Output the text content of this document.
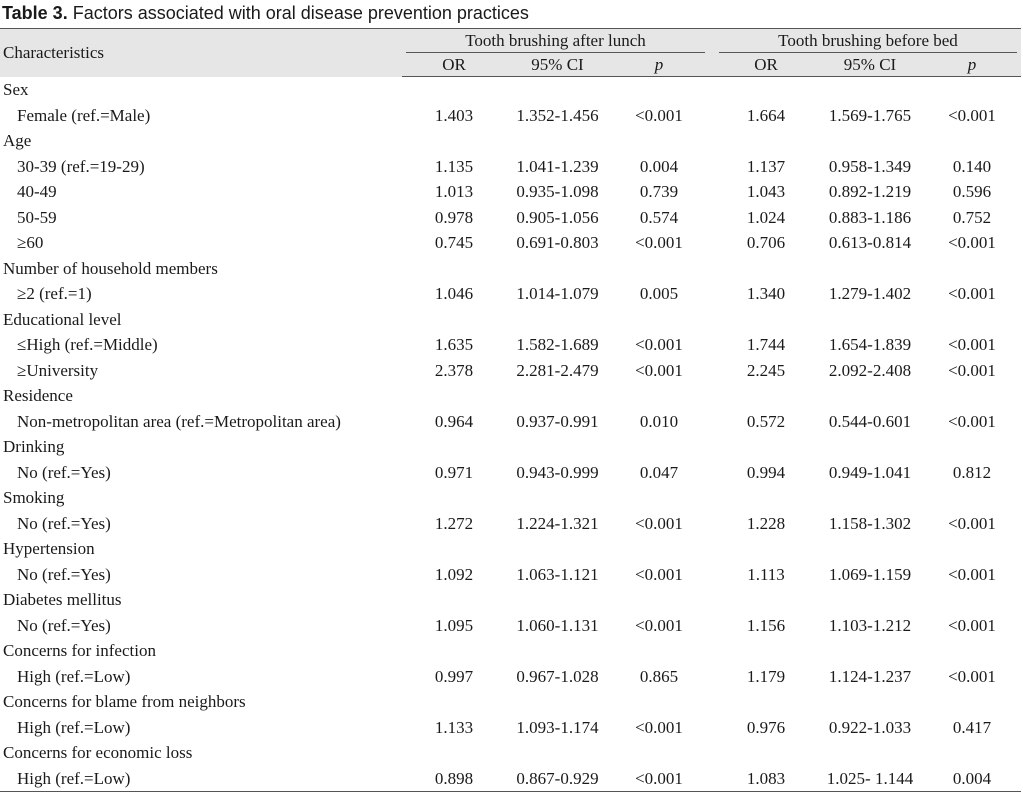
Table 3. Factors associated with oral disease prevention practices
Characteristics	Tooth brushing after lunch				Tooth brushing before bed		

	OR	95% CI	p		OR	95% CI	p
Sex							
Female (ref.=Male)	1.403	1.352-1.456	<0.001		1.664	1.569-1.765	<0.001
Age							
30-39 (ref.=19-29)	1.135	1.041-1.239	0.004		1.137	0.958-1.349	0.140
40-49	1.013	0.935-1.098	0.739		1.043	0.892-1.219	0.596
50-59	0.978	0.905-1.056	0.574		1.024	0.883-1.186	0.752
≥60	0.745	0.691-0.803	<0.001		0.706	0.613-0.814	<0.001
Number of household members							
≥2 (ref.=1)	1.046	1.014-1.079	0.005		1.340	1.279-1.402	<0.001
Educational level							
≤High (ref.=Middle)	1.635	1.582-1.689	<0.001		1.744	1.654-1.839	<0.001
≥University	2.378	2.281-2.479	<0.001		2.245	2.092-2.408	<0.001
Residence							
Non-metropolitan area (ref.=Metropolitan area)	0.964	0.937-0.991	0.010		0.572	0.544-0.601	<0.001
Drinking							
No (ref.=Yes)	0.971	0.943-0.999	0.047		0.994	0.949-1.041	0.812
Smoking							
No (ref.=Yes)	1.272	1.224-1.321	<0.001		1.228	1.158-1.302	<0.001
Hypertension							
No (ref.=Yes)	1.092	1.063-1.121	<0.001		1.113	1.069-1.159	<0.001
Diabetes mellitus							
No (ref.=Yes)	1.095	1.060-1.131	<0.001		1.156	1.103-1.212	<0.001
Concerns for infection							
High (ref.=Low)	0.997	0.967-1.028	0.865		1.179	1.124-1.237	<0.001
Concerns for blame from neighbors							
High (ref.=Low)	1.133	1.093-1.174	<0.001		0.976	0.922-1.033	0.417
Concerns for economic loss							
High (ref.=Low)	0.898	0.867-0.929	<0.001		1.083	1.025- 1.144	0.004
